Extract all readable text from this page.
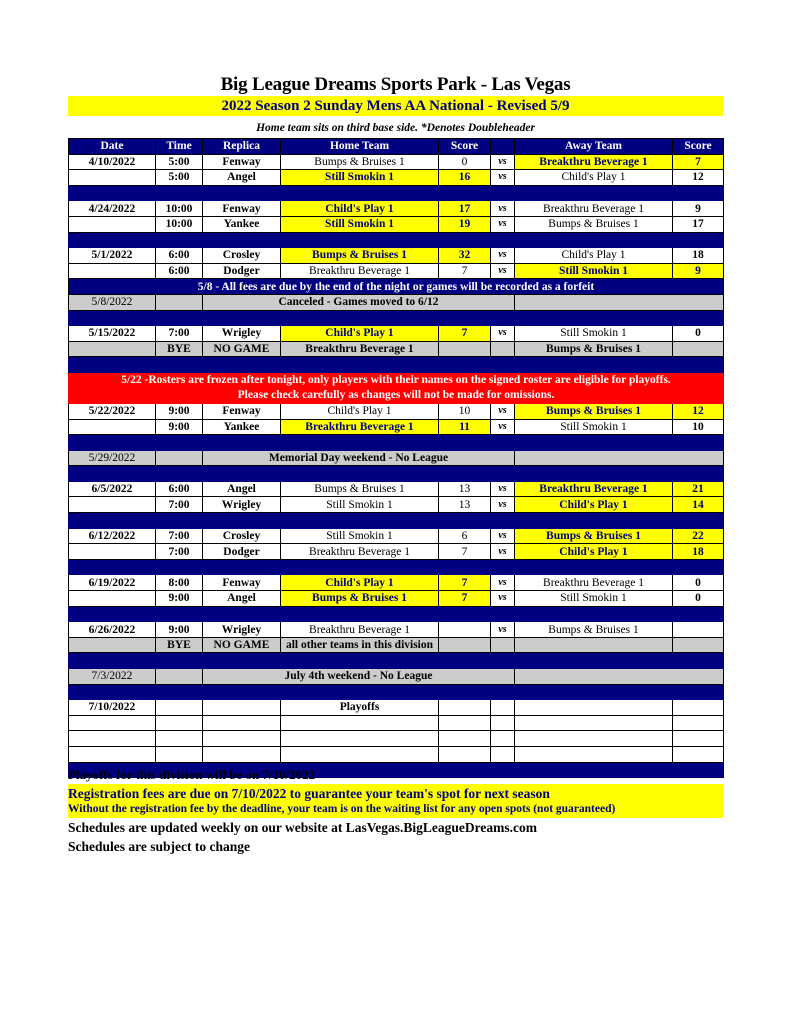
Big League Dreams Sports Park - Las Vegas
2022 Season 2 Sunday Mens AA National - Revised 5/9
Home team sits on third base side. *Denotes Doubleheader
Date	Time	Replica	Home Team	Score		Away Team	Score
4/10/2022	5:00	Fenway	Bumps & Bruises 1	0	vs	Breakthru Beverage 1	7
	5:00	Angel	Still Smokin 1	16	vs	Child's Play 1	12

4/24/2022	10:00	Fenway	Child's Play 1	17	vs	Breakthru Beverage 1	9
	10:00	Yankee	Still Smokin 1	19	vs	Bumps & Bruises 1	17

5/1/2022	6:00	Crosley	Bumps & Bruises 1	32	vs	Child's Play 1	18
	6:00	Dodger	Breakthru Beverage 1	7	vs	Still Smokin 1	9
5/8 - All fees are due by the end of the night or games will be recorded as a forfeit							
5/8/2022		Canceled - Games moved to 6/12					

5/15/2022	7:00	Wrigley	Child's Play 1	7	vs	Still Smokin 1	0
	BYE	NO GAME	Breakthru Beverage 1			Bumps & Bruises 1	

5/22 -Rosters are frozen after tonight, only players with their names on the signed roster are eligible for playoffs.
Please check carefully as changes will not be made for omissions.							

5/22/2022	9:00	Fenway	Child's Play 1	10	vs	Bumps & Bruises 1	12
	9:00	Yankee	Breakthru Beverage 1	11	vs	Still Smokin 1	10

5/29/2022		Memorial Day weekend - No League					

6/5/2022	6:00	Angel	Bumps & Bruises 1	13	vs	Breakthru Beverage 1	21
	7:00	Wrigley	Still Smokin 1	13	vs	Child's Play 1	14

6/12/2022	7:00	Crosley	Still Smokin 1	6	vs	Bumps & Bruises 1	22
	7:00	Dodger	Breakthru Beverage 1	7	vs	Child's Play 1	18

6/19/2022	8:00	Fenway	Child's Play 1	7	vs	Breakthru Beverage 1	0
	9:00	Angel	Bumps & Bruises 1	7	vs	Still Smokin 1	0

6/26/2022	9:00	Wrigley	Breakthru Beverage 1		vs	Bumps & Bruises 1	
	BYE	NO GAME	all other teams in this division				

7/3/2022		July 4th weekend - No League					

7/10/2022			Playoffs				

Playoffs for this division will be on 7/10/2022
Registration fees are due on 7/10/2022 to guarantee your team's spot for next season
Without the registration fee by the deadline, your team is on the waiting list for any open spots (not guaranteed)
Schedules are updated weekly on our website at LasVegas.BigLeagueDreams.com
Schedules are subject to change
